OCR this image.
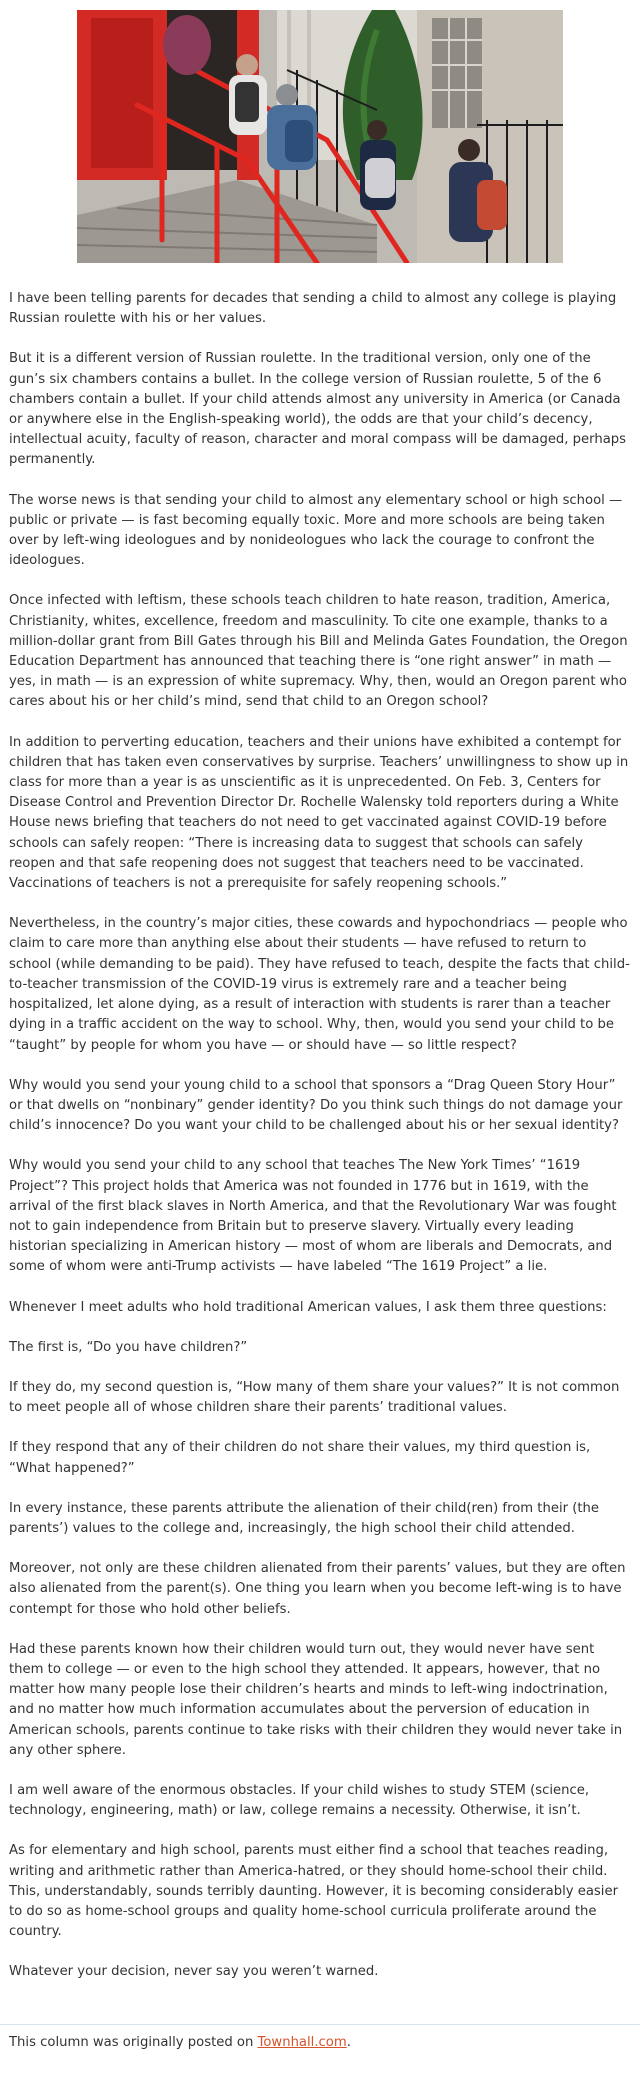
I have been telling parents for decades that sending a child to almost any college is playing Russian roulette with his or her values.

But it is a different version of Russian roulette. In the traditional version, only one of the gun’s six chambers contains a bullet. In the college version of Russian roulette, 5 of the 6 chambers contain a bullet. If your child attends almost any university in America (or Canada or anywhere else in the English-speaking world), the odds are that your child’s decency, intellectual acuity, faculty of reason, character and moral compass will be damaged, perhaps permanently.

The worse news is that sending your child to almost any elementary school or high school — public or private — is fast becoming equally toxic. More and more schools are being taken over by left-wing ideologues and by nonideologues who lack the courage to confront the ideologues.

Once infected with leftism, these schools teach children to hate reason, tradition, America, Christianity, whites, excellence, freedom and masculinity. To cite one example, thanks to a million-dollar grant from Bill Gates through his Bill and Melinda Gates Foundation, the Oregon Education Department has announced that teaching there is “one right answer” in math — yes, in math — is an expression of white supremacy. Why, then, would an Oregon parent who cares about his or her child’s mind, send that child to an Oregon school?

In addition to perverting education, teachers and their unions have exhibited a contempt for children that has taken even conservatives by surprise. Teachers’ unwillingness to show up in class for more than a year is as unscientific as it is unprecedented. On Feb. 3, Centers for Disease Control and Prevention Director Dr. Rochelle Walensky told reporters during a White House news briefing that teachers do not need to get vaccinated against COVID-19 before schools can safely reopen: “There is increasing data to suggest that schools can safely reopen and that safe reopening does not suggest that teachers need to be vaccinated. Vaccinations of teachers is not a prerequisite for safely reopening schools.”

Nevertheless, in the country’s major cities, these cowards and hypochondriacs — people who claim to care more than anything else about their students — have refused to return to school (while demanding to be paid). They have refused to teach, despite the facts that child-to-teacher transmission of the COVID-19 virus is extremely rare and a teacher being hospitalized, let alone dying, as a result of interaction with students is rarer than a teacher dying in a traffic accident on the way to school. Why, then, would you send your child to be “taught” by people for whom you have — or should have — so little respect?

Why would you send your young child to a school that sponsors a “Drag Queen Story Hour” or that dwells on “nonbinary” gender identity? Do you think such things do not damage your child’s innocence? Do you want your child to be challenged about his or her sexual identity?

Why would you send your child to any school that teaches The New York Times’ “1619 Project”? This project holds that America was not founded in 1776 but in 1619, with the arrival of the first black slaves in North America, and that the Revolutionary War was fought not to gain independence from Britain but to preserve slavery. Virtually every leading historian specializing in American history — most of whom are liberals and Democrats, and some of whom were anti-Trump activists — have labeled “The 1619 Project” a lie.

Whenever I meet adults who hold traditional American values, I ask them three questions:

The first is, “Do you have children?”

If they do, my second question is, “How many of them share your values?” It is not common to meet people all of whose children share their parents’ traditional values.

If they respond that any of their children do not share their values, my third question is, “What happened?”

In every instance, these parents attribute the alienation of their child(ren) from their (the parents’) values to the college and, increasingly, the high school their child attended.

Moreover, not only are these children alienated from their parents’ values, but they are often also alienated from the parent(s). One thing you learn when you become left-wing is to have contempt for those who hold other beliefs.

Had these parents known how their children would turn out, they would never have sent them to college — or even to the high school they attended. It appears, however, that no matter how many people lose their children’s hearts and minds to left-wing indoctrination, and no matter how much information accumulates about the perversion of education in American schools, parents continue to take risks with their children they would never take in any other sphere.

I am well aware of the enormous obstacles. If your child wishes to study STEM (science, technology, engineering, math) or law, college remains a necessity. Otherwise, it isn’t.

As for elementary and high school, parents must either find a school that teaches reading, writing and arithmetic rather than America-hatred, or they should home-school their child. This, understandably, sounds terribly daunting. However, it is becoming considerably easier to do so as home-school groups and quality home-school curricula proliferate around the country.

Whatever your decision, never say you weren’t warned.

This column was originally posted on Townhall.com.
